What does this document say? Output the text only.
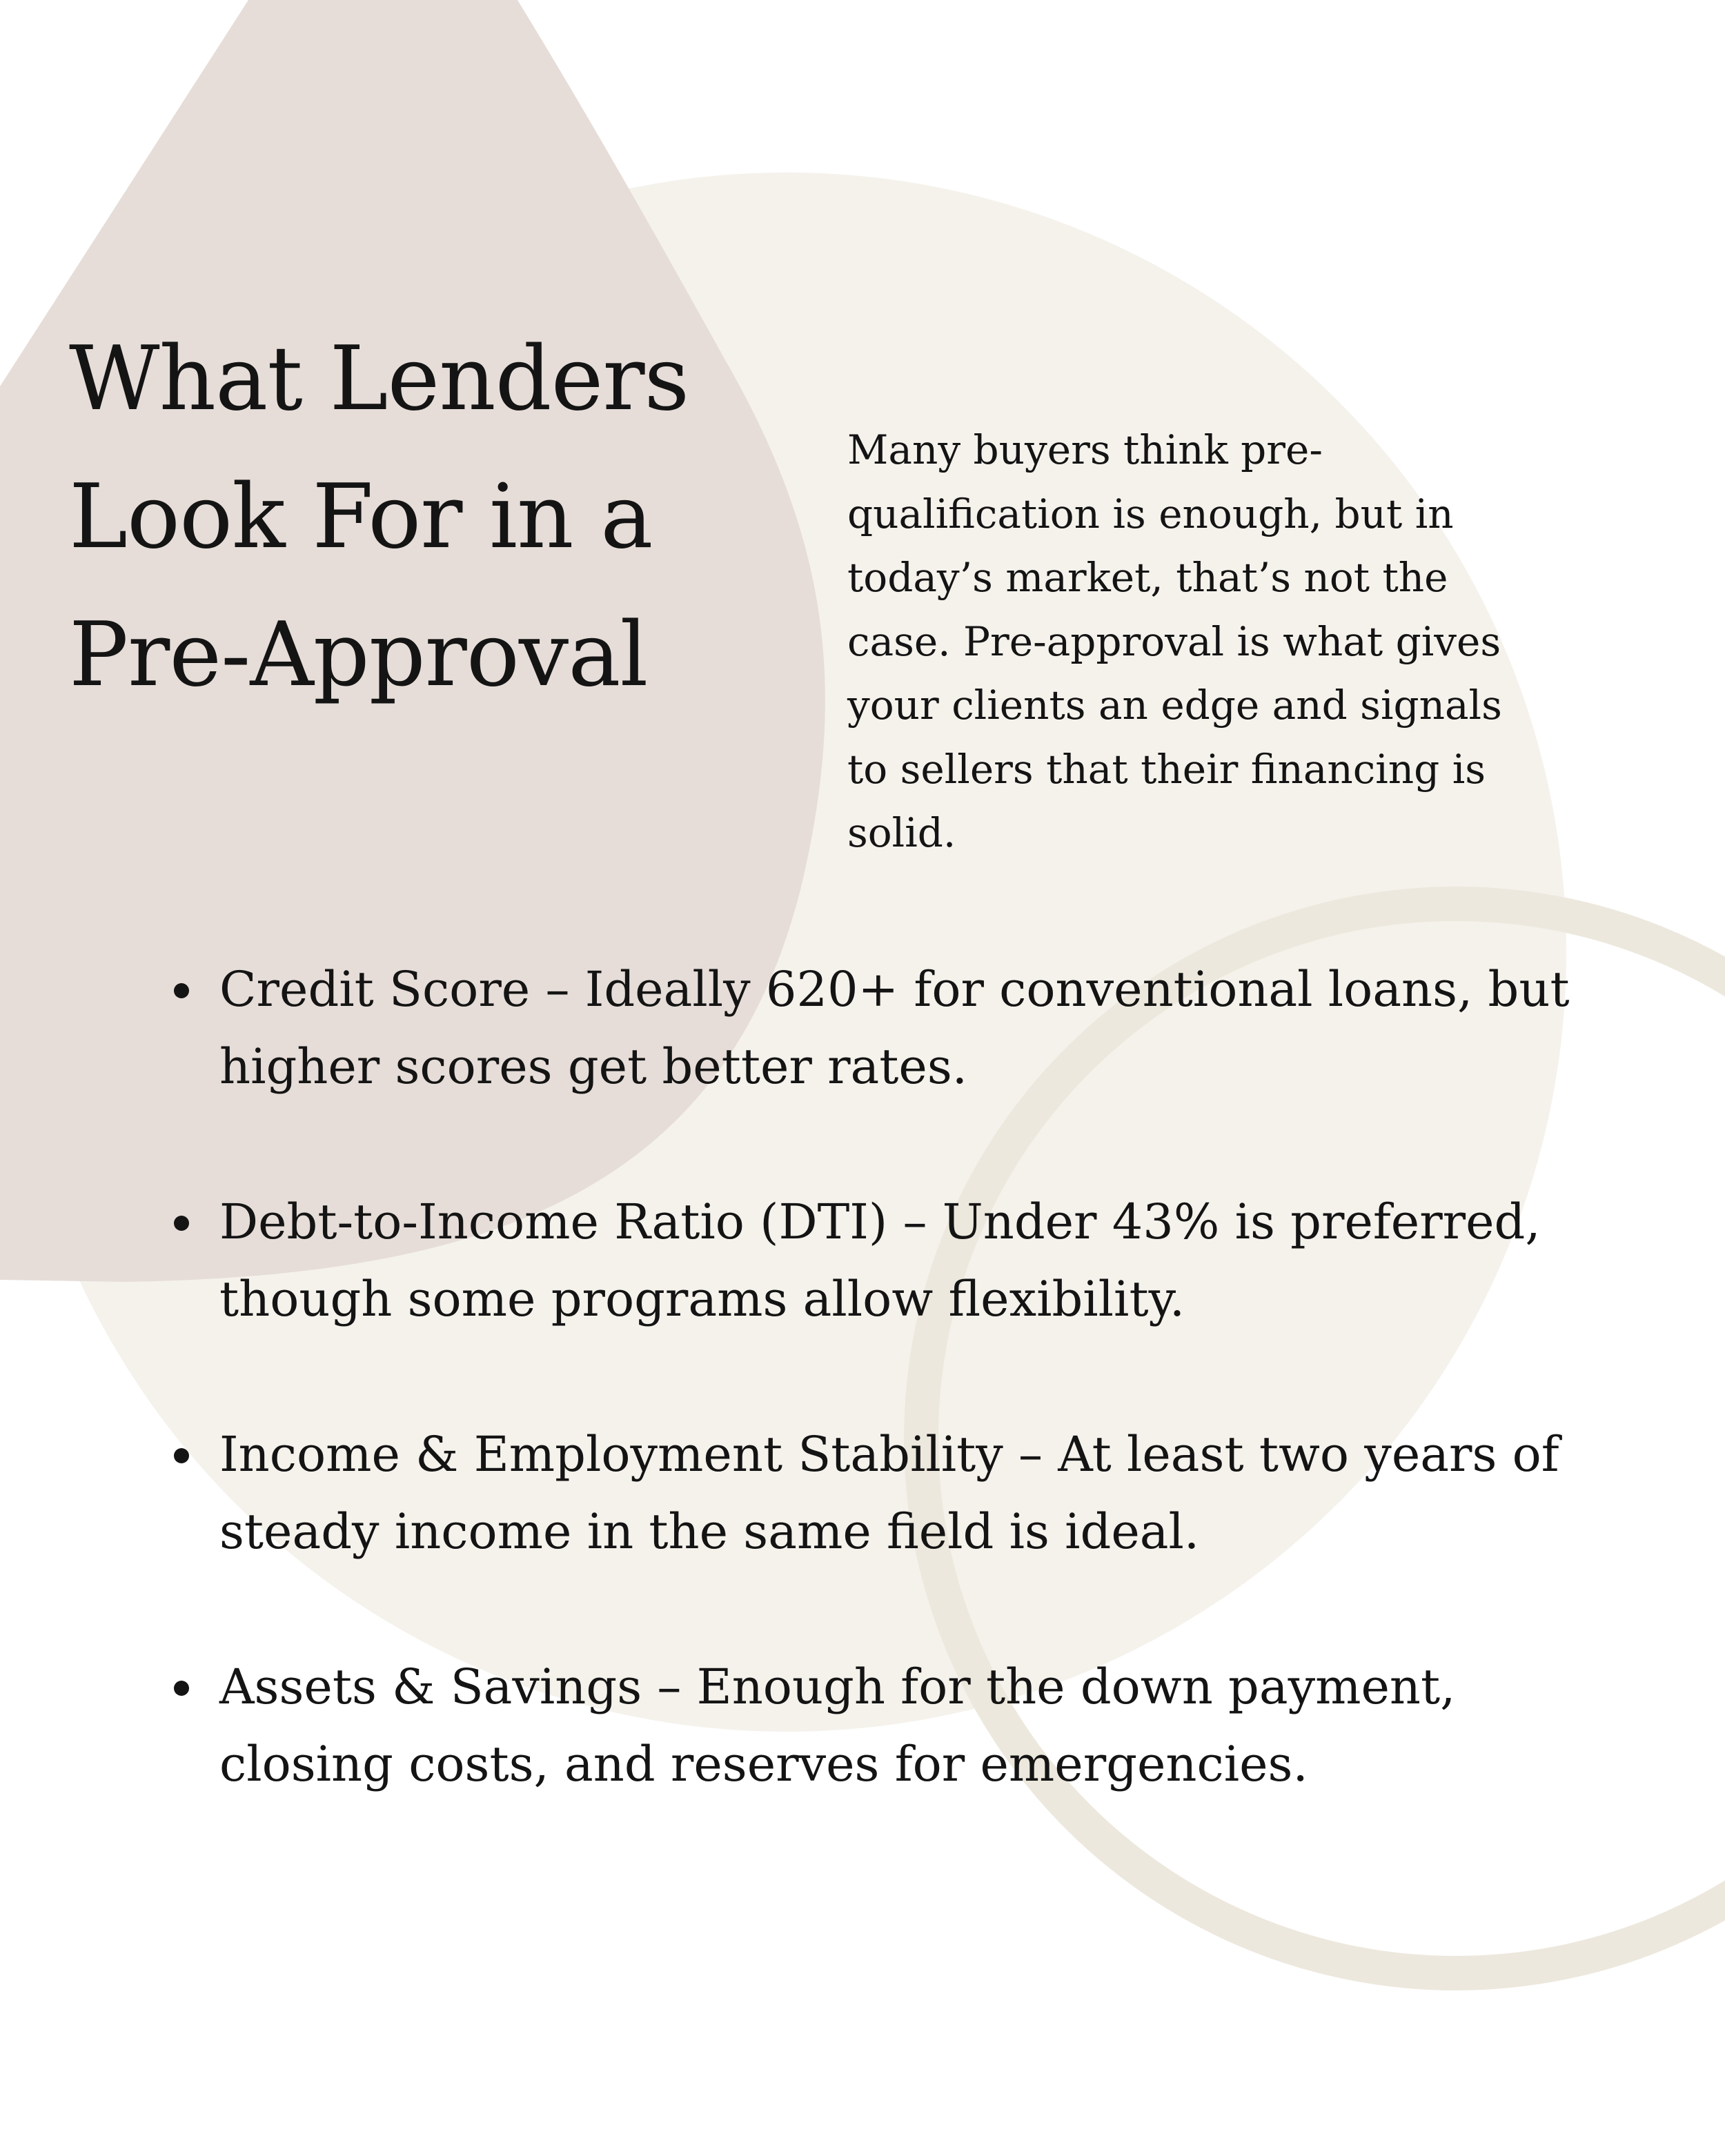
What Lenders
Look For in a
Pre-Approval

Many buyers think pre-
qualification is enough, but in
today’s market, that’s not the
case. Pre-approval is what gives
your clients an edge and signals
to sellers that their financing is
solid.

Credit Score – Ideally 620+ for conventional loans, but
higher scores get better rates.
Debt-to-Income Ratio (DTI) – Under 43% is preferred,
though some programs allow flexibility.
Income & Employment Stability – At least two years of
steady income in the same field is ideal.
Assets & Savings – Enough for the down payment,
closing costs, and reserves for emergencies.
